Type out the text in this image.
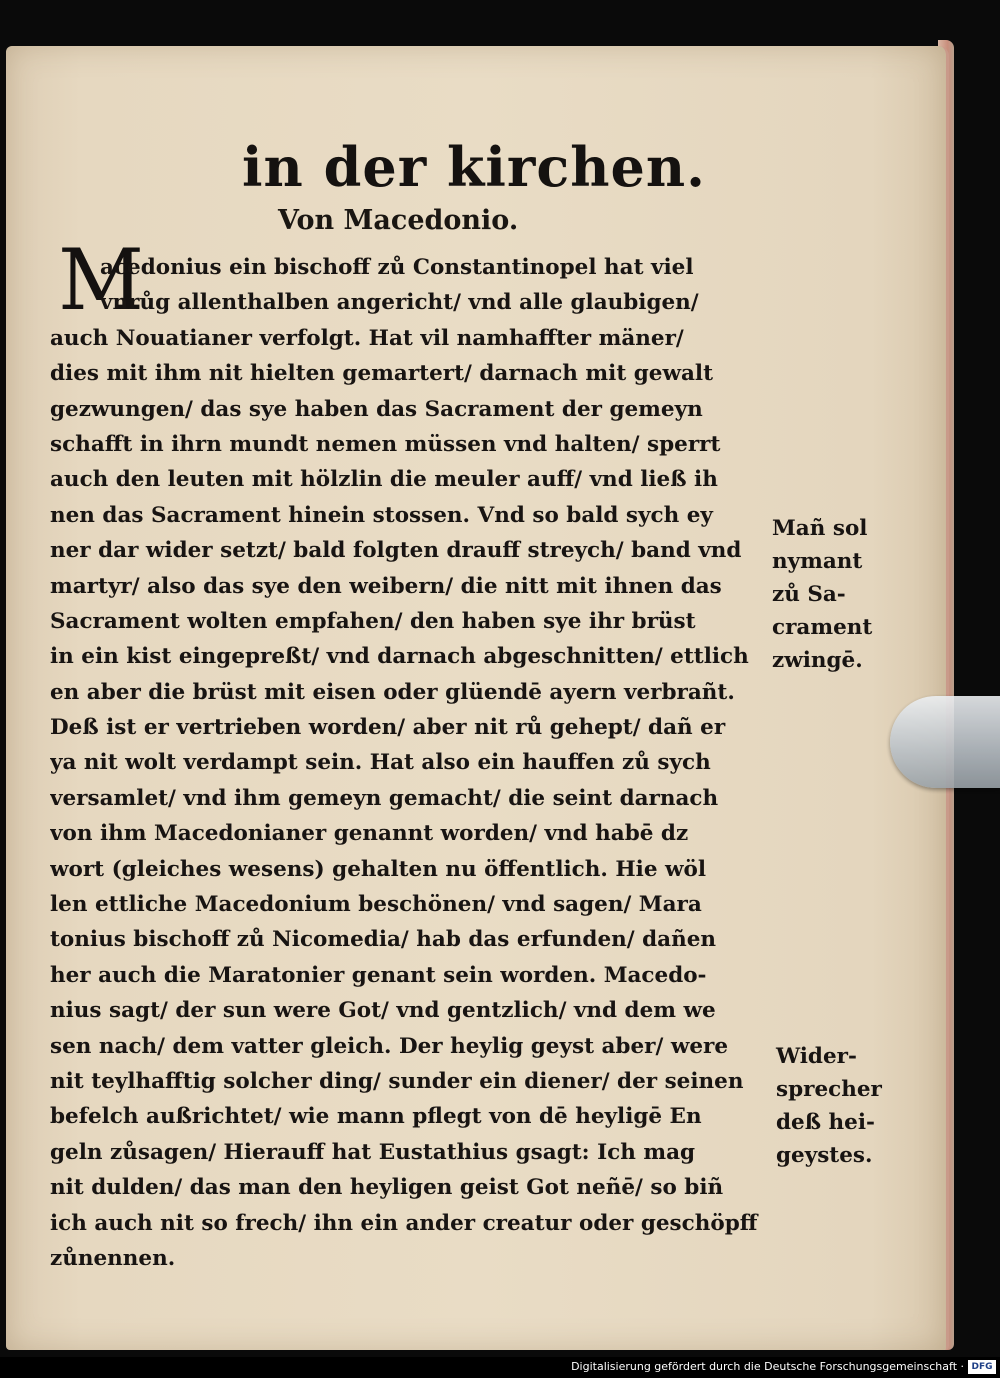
in der kirchen.
Von Macedonio.
M
acedonius ein bischoff zů Constantinopel hat viel
vnrůg allenthalben angericht/ vnd alle glaubigen/
auch Nouatianer verfolgt. Hat vil namhaffter mäner/
dies mit ihm nit hielten gemartert/ darnach mit gewalt
gezwungen/ das sye haben das Sacrament der gemeyn
schafft in ihrn mundt nemen müssen vnd halten/ sperrt
auch den leuten mit hölzlin die meuler auff/ vnd ließ ih
nen das Sacrament hinein stossen. Vnd so bald sych ey
ner dar wider setzt/ bald folgten drauff streych/ band vnd
martyr/ also das sye den weibern/ die nitt mit ihnen das
Sacrament wolten empfahen/ den haben sye ihr brüst
in ein kist eingepreßt/ vnd darnach abgeschnitten/ ettlich
en aber die brüst mit eisen oder glüendē ayern verbrañt.
Deß ist er vertrieben worden/ aber nit rů gehept/ dañ er
ya nit wolt verdampt sein. Hat also ein hauffen zů sych
versamlet/ vnd ihm gemeyn gemacht/ die seint darnach
von ihm Macedonianer genannt worden/ vnd habē dz
wort (gleiches wesens) gehalten nu öffentlich. Hie wöl
len ettliche Macedonium beschönen/ vnd sagen/ Mara
tonius bischoff zů Nicomedia/ hab das erfunden/ dañen
her auch die Maratonier genant sein worden. Macedo-
nius sagt/ der sun were Got/ vnd gentzlich/ vnd dem we
sen nach/ dem vatter gleich. Der heylig geyst aber/ were
nit teylhafftig solcher ding/ sunder ein diener/ der seinen
befelch außrichtet/ wie mann pflegt von dē heyligē En
geln zůsagen/ Hierauff hat Eustathius gsagt: Ich mag
nit dulden/ das man den heyligen geist Got neñē/ so biñ
ich auch nit so frech/ ihn ein ander creatur oder geschöpff
zůnennen.
Mañ sol
nymant
zů Sa-
crament
zwingē.
Wider-
sprecher
deß hei-
geystes.
Digitalisierung gefördert durch die Deutsche Forschungsgemeinschaft · DFG
